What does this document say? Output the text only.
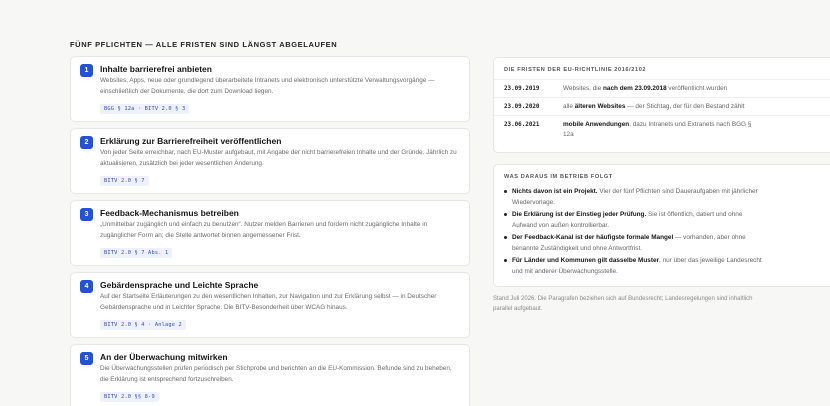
FÜNF PFLICHTEN — ALLE FRISTEN SIND LÄNGST ABGELAUFEN
1	Inhalte barrierefrei anbieten

Websites, Apps, neue oder grundlegend überarbeitete Intranets und elektronisch unterstützte Verwaltungsvorgänge — einschließlich der Dokumente, die dort zum Download liegen.

BGG § 12a · BITV 2.0 § 3
2	Erklärung zur Barrierefreiheit veröffentlichen

Von jeder Seite erreichbar, nach EU-Muster aufgebaut, mit Angabe der nicht barrierefreien Inhalte und der Gründe. Jährlich zu aktualisieren, zusätzlich bei jeder wesentlichen Änderung.

BITV 2.0 § 7
3	Feedback-Mechanismus betreiben

„Unmittelbar zugänglich und einfach zu benutzen“. Nutzer melden Barrieren und fordern nicht zugängliche Inhalte in zugänglicher Form an; die Stelle antwortet binnen angemessener Frist.

BITV 2.0 § 7 Abs. 1
4	Gebärdensprache und Leichte Sprache

Auf der Startseite Erläuterungen zu den wesentlichen Inhalten, zur Navigation und zur Erklärung selbst — in Deutscher Gebärdensprache und in Leichter Sprache. Die BITV-Besonderheit über WCAG hinaus.

BITV 2.0 § 4 · Anlage 2
5	An der Überwachung mitwirken

Die Überwachungsstellen prüfen periodisch per Stichprobe und berichten an die EU-Kommission. Befunde sind zu beheben, die Erklärung ist entsprechend fortzuschreiben.

BITV 2.0 §§ 8-9
DIE FRISTEN DER EU-RICHTLINIE 2016/2102
23.09.2019	Websites, die nach dem 23.09.2018 veröffentlicht wurden
23.09.2020	alle älteren Websites — der Stichtag, der für den Bestand zählt
23.06.2021	mobile Anwendungen, dazu Intranets und Extranets nach BGG § 12a
WAS DARAUS IM BETRIEB FOLGT
Nichts davon ist ein Projekt. Vier der fünf Pflichten sind Daueraufgaben mit jährlicher Wiedervorlage.
Die Erklärung ist der Einstieg jeder Prüfung. Sie ist öffentlich, datiert und ohne Aufwand von außen kontrollierbar.
Der Feedback-Kanal ist der häufigste formale Mangel — vorhanden, aber ohne benannte Zuständigkeit und ohne Antwortfrist.
Für Länder und Kommunen gilt dasselbe Muster, nur über das jeweilige Landesrecht und mit anderer Überwachungsstelle.
Stand Juli 2026. Die Paragrafen beziehen sich auf Bundesrecht; Landesregelungen sind inhaltlich parallel aufgebaut.
